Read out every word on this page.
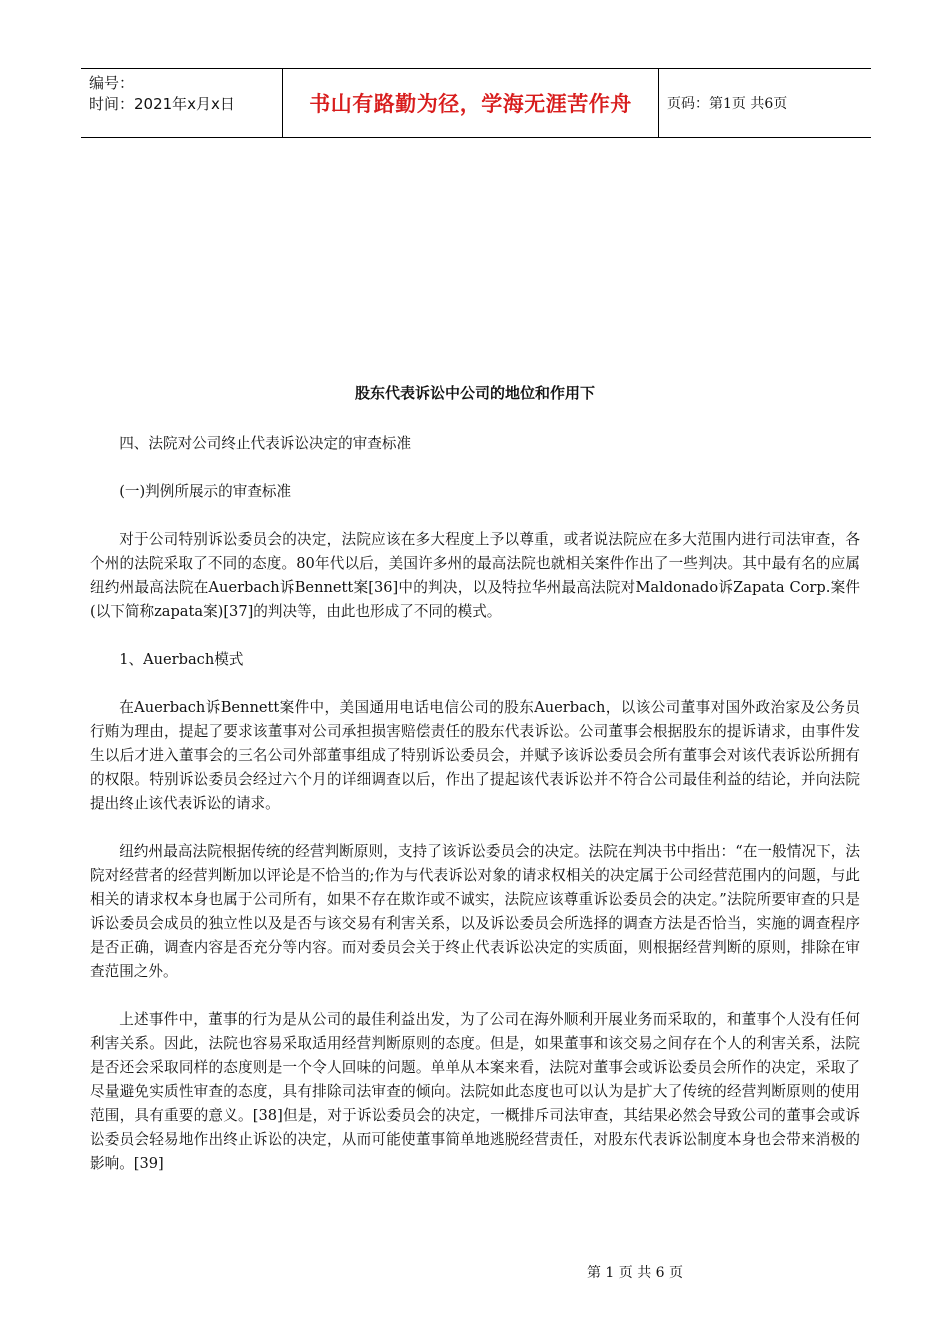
编号：
时间：2021年x月x日	书山有路勤为径，学海无涯苦作舟	页码：第1页 共6页
股东代表诉讼中公司的地位和作用下

四、法院对公司终止代表诉讼决定的审查标准

(一)判例所展示的审查标准

对于公司特别诉讼委员会的决定，法院应该在多大程度上予以尊重，或者说法院应在多大范围内进行司法审查，各个州的法院采取了不同的态度。80年代以后，美国许多州的最高法院也就相关案件作出了一些判决。其中最有名的应属纽约州最高法院在Auerbach诉Bennett案[36]中的判决，以及特拉华州最高法院对Maldonado诉Zapata Corp.案件(以下简称zapata案)[37]的判决等，由此也形成了不同的模式。

1、Auerbach模式

在Auerbach诉Bennett案件中，美国通用电话电信公司的股东Auerbach，以该公司董事对国外政治家及公务员行贿为理由，提起了要求该董事对公司承担损害赔偿责任的股东代表诉讼。公司董事会根据股东的提诉请求，由事件发生以后才进入董事会的三名公司外部董事组成了特别诉讼委员会，并赋予该诉讼委员会所有董事会对该代表诉讼所拥有的权限。特别诉讼委员会经过六个月的详细调查以后，作出了提起该代表诉讼并不符合公司最佳利益的结论，并向法院提出终止该代表诉讼的请求。

纽约州最高法院根据传统的经营判断原则，支持了该诉讼委员会的决定。法院在判决书中指出：“在一般情况下，法院对经营者的经营判断加以评论是不恰当的;作为与代表诉讼对象的请求权相关的决定属于公司经营范围内的问题，与此相关的请求权本身也属于公司所有，如果不存在欺诈或不诚实，法院应该尊重诉讼委员会的决定。”法院所要审查的只是诉讼委员会成员的独立性以及是否与该交易有利害关系，以及诉讼委员会所选择的调查方法是否恰当，实施的调查程序是否正确，调查内容是否充分等内容。而对委员会关于终止代表诉讼决定的实质面，则根据经营判断的原则，排除在审查范围之外。

上述事件中，董事的行为是从公司的最佳利益出发，为了公司在海外顺利开展业务而采取的，和董事个人没有任何利害关系。因此，法院也容易采取适用经营判断原则的态度。但是，如果董事和该交易之间存在个人的利害关系，法院是否还会采取同样的态度则是一个令人回味的问题。单单从本案来看，法院对董事会或诉讼委员会所作的决定，采取了尽量避免实质性审查的态度，具有排除司法审查的倾向。法院如此态度也可以认为是扩大了传统的经营判断原则的使用范围，具有重要的意义。[38]但是，对于诉讼委员会的决定，一概排斥司法审查，其结果必然会导致公司的董事会或诉讼委员会轻易地作出终止诉讼的决定，从而可能使董事简单地逃脱经营责任，对股东代表诉讼制度本身也会带来消极的影响。[39]

第 1 页 共 6 页
